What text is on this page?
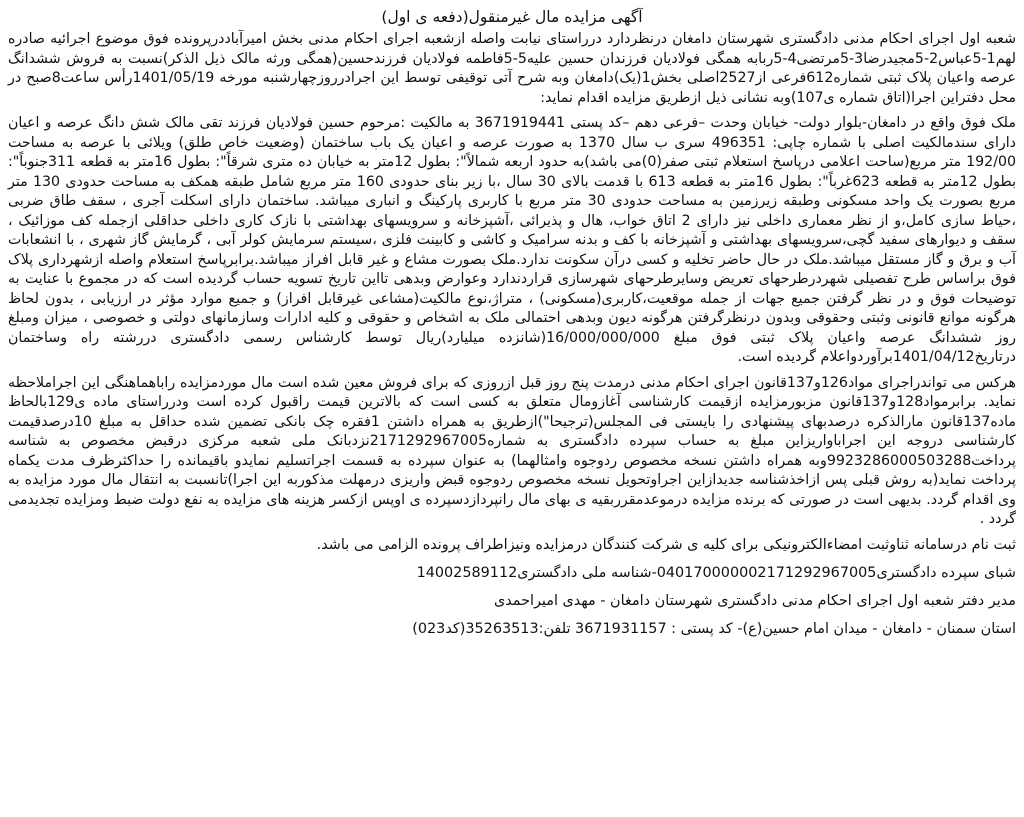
آگهی مزایده مال غیرمنقول(دفعه ی اول)
شعبه اول اجرای احکام مدنی دادگستری شهرستان دامغان درنظردارد درراستای نیابت واصله ازشعبه اجرای احکام مدنی بخش امیرآباددرپرونده فوق موضوع اجرائیه صادره لهم1-5عباس2-5مجیدرضا3-5مرتضی4-5ربابه همگی فولادیان فرزندان حسین علیه5-5فاطمه فولادیان فرزندحسین(همگی ورثه مالک ذیل الذکر)نسبت به فروش ششدانگ عرصه واعیان پلاک ثبتی شماره612فرعی از2527اصلی بخش1(یک)دامغان وبه شرح آتی توقیفی توسط این اجرادرروزچهارشنبه مورخه 1401/05/19رأس ساعت8صبح در محل دفتراین اجرا(اتاق شماره ی107)وبه نشانی ذیل ازطریق مزایده اقدام نماید:
ملک فوق واقع در دامغان-بلوار دولت- خیابان وحدت –فرعی دهم –کد پستی 3671919441 به مالکیت :مرحوم حسین فولادیان فرزند تقی مالک شش دانگ عرصه و اعیان دارای سندمالکیت اصلی با شماره چاپی: 496351 سری ب سال 1370 به صورت عرصه و اعیان یک باب ساختمان (وضعیت خاص طلق) ویلائی با عرصه به مساحت 192/00 متر مربع(ساحت اعلامی درپاسخ استعلام ثبتی صفر(0)می باشد)به حدود اربعه شمالاً": بطول 12متر به خیابان ده متری شرقاً": بطول 16متر به قطعه 311جنوباً": بطول 12متر به قطعه 623غرباً": بطول 16متر به قطعه 613 با قدمت بالای 30 سال ،با زیر بنای حدودی 160 متر مربع شامل طبقه همکف به مساحت حدودی 130 متر مربع بصورت یک واحد مسکونی وطبقه زیرزمین به مساحت حدودی 30 متر مربع با کاربری پارکینگ و انباری میباشد. ساختمان دارای اسکلت آجری ، سقف طاق ضربی ،حیاط سازی کامل،و از نظر معماری داخلی نیز دارای 2 اتاق خواب، هال و پذیرائی ،آشپزخانه و سرویسهای بهداشتی با نازک کاری داخلی حداقلی ازجمله کف موزائیک ، سقف و دیوارهای سفید گچی،سرویسهای بهداشتی و آشپزخانه با کف و بدنه سرامیک و کاشی و کابینت فلزی ،سیستم سرمایش کولر آبی ، گرمایش گاز شهری ، با انشعابات آب و برق و گاز مستقل میباشد.ملک در حال حاضر تخلیه و کسی درآن سکونت ندارد.ملک بصورت مشاع و غیر قابل افراز میباشد.برابرپاسخ استعلام واصله ازشهرداری پلاک فوق براساس طرح تفصیلی شهردرطرحهای تعریض وسایرطرحهای شهرسازی قراردندارد وعوارض وبدهی تااین تاریخ تسویه حساب گردیده است که در مجموع با عنایت به توضیحات فوق و در نظر گرفتن جمیع جهات از جمله موقعیت،کاربری(مسکونی) ، متراژ،نوع مالکیت(مشاعی غیرقابل افراز) و جمیع موارد مؤثر در ارزیابی ، بدون لحاظ هرگونه موانع قانونی وثبتی وحقوقی وبدون درنظرگرفتن هرگونه دیون وبدهی احتمالی ملک به اشخاص و حقوقی و کلیه ادارات وسازمانهای دولتی و خصوصی ، میزان ومبلغ روز ششدانگ عرصه واعیان پلاک ثبتی فوق مبلغ 16/000/000/000(شانزده میلیارد)ریال توسط کارشناس رسمی دادگستری دررشته راه وساختمان درتاریخ1401/04/12برآوردواعلام گردیده است.
هرکس می تواندراجرای مواد126و137قانون اجرای احکام مدنی درمدت پنج روز قبل ازروزی که برای فروش معین شده است مال موردمزایده راباهماهنگی این اجراملاحظه نماید. برابرمواد128و137قانون مزبورمزایده ازقیمت کارشناسی آغازومال متعلق به کسی است که بالاترین قیمت راقبول کرده است ودرراستای ماده ی129بالحاظ ماده137قانون مارالذکره درصدبهای پیشنهادی را بایستی فی المجلس(ترجیحا")ازطریق به همراه داشتن 1فقره چک بانکی تضمین شده حداقل به مبلغ 10درصدقیمت کارشناسی دروجه این اجراباواریزاین مبلغ به حساب سپرده دادگستری به شماره2171292967005نزدبانک ملی شعبه مرکزی درقبض مخصوص به شناسه پرداخت9923286000503288وبه همراه داشتن نسخه مخصوص ردوجوه وامثالهما) به عنوان سپرده به قسمت اجراتسلیم نمایدو باقیمانده را حداکثرظرف مدت یکماه پرداخت نماید(به روش قبلی پس ازاخذشناسه جدیدازاین اجراوتحویل نسخه مخصوص ردوجوه قبض واریزی درمهلت مذکوربه این اجرا)تانسبت به انتقال مال مورد مزایده به وی اقدام گردد. بدیهی است در صورتی که برنده مزایده درموعدمقرربقیه ی بهای مال رانپردازدسپرده ی اوپس ازکسر هزینه های مزایده به نفع دولت ضبط ومزایده تجدیدمی گردد .
ثبت نام درسامانه ثناوثبت امضاءالکترونیکی برای کلیه ی شرکت کنندگان درمزایده ونیزاطراف پرونده الزامی می باشد.
شبای سپرده دادگستری040170000002171292967005-شناسه ملی دادگستری14002589112
مدیر دفتر شعبه اول اجرای احکام مدنی دادگستری شهرستان دامغان - مهدی امیراحمدی
استان سمنان - دامغان - میدان امام حسین(ع)- کد پستی : 3671931157 تلفن:35263513(کد023)
